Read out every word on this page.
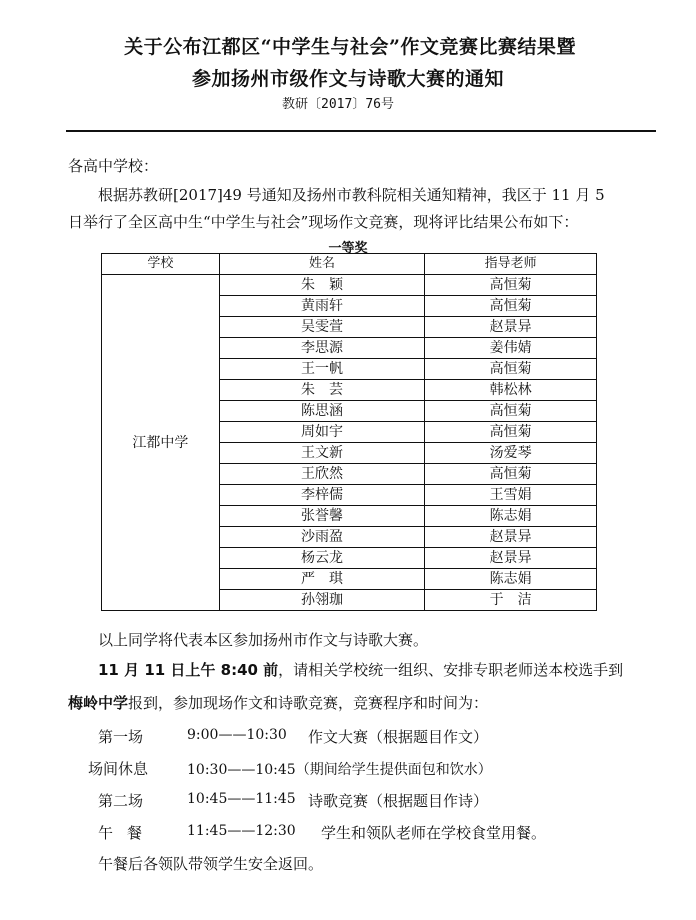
关于公布江都区“中学生与社会”作文竞赛比赛结果暨
参加扬州市级作文与诗歌大赛的通知
教研〔2017〕76号
各高中学校：
根据苏教研[2017]49 号通知及扬州市教科院相关通知精神，我区于 11 月 5
日举行了全区高中生“中学生与社会”现场作文竞赛，现将评比结果公布如下：
一等奖
学校	姓名	指导老师
江都中学	朱　颖	高恒菊
	黄雨轩	高恒菊
	吴雯萱	赵景异
	李思源	姜伟婧
	王一帆	高恒菊
	朱　芸	韩松林
	陈思涵	高恒菊
	周如宇	高恒菊
	王文新	汤爱琴
	王欣然	高恒菊
	李梓儒	王雪娟
	张誉馨	陈志娟
	沙雨盈	赵景异
	杨云龙	赵景异
	严　琪	陈志娟
	孙翎珈	于　洁
以上同学将代表本区参加扬州市作文与诗歌大赛。
11 月 11 日上午 8:40 前，请相关学校统一组织、安排专职老师送本校选手到
梅岭中学报到，参加现场作文和诗歌竞赛，竞赛程序和时间为：
第一场	9:00——10:30 作文大赛（根据题目作文）
场间休息	10:30——10:45（期间给学生提供面包和饮水）
第二场	10:45——11:45 诗歌竞赛（根据题目作诗）
午餐 11:45——12:30 学生和领队老师在学校食堂用餐。
午餐后各领队带领学生安全返回。
